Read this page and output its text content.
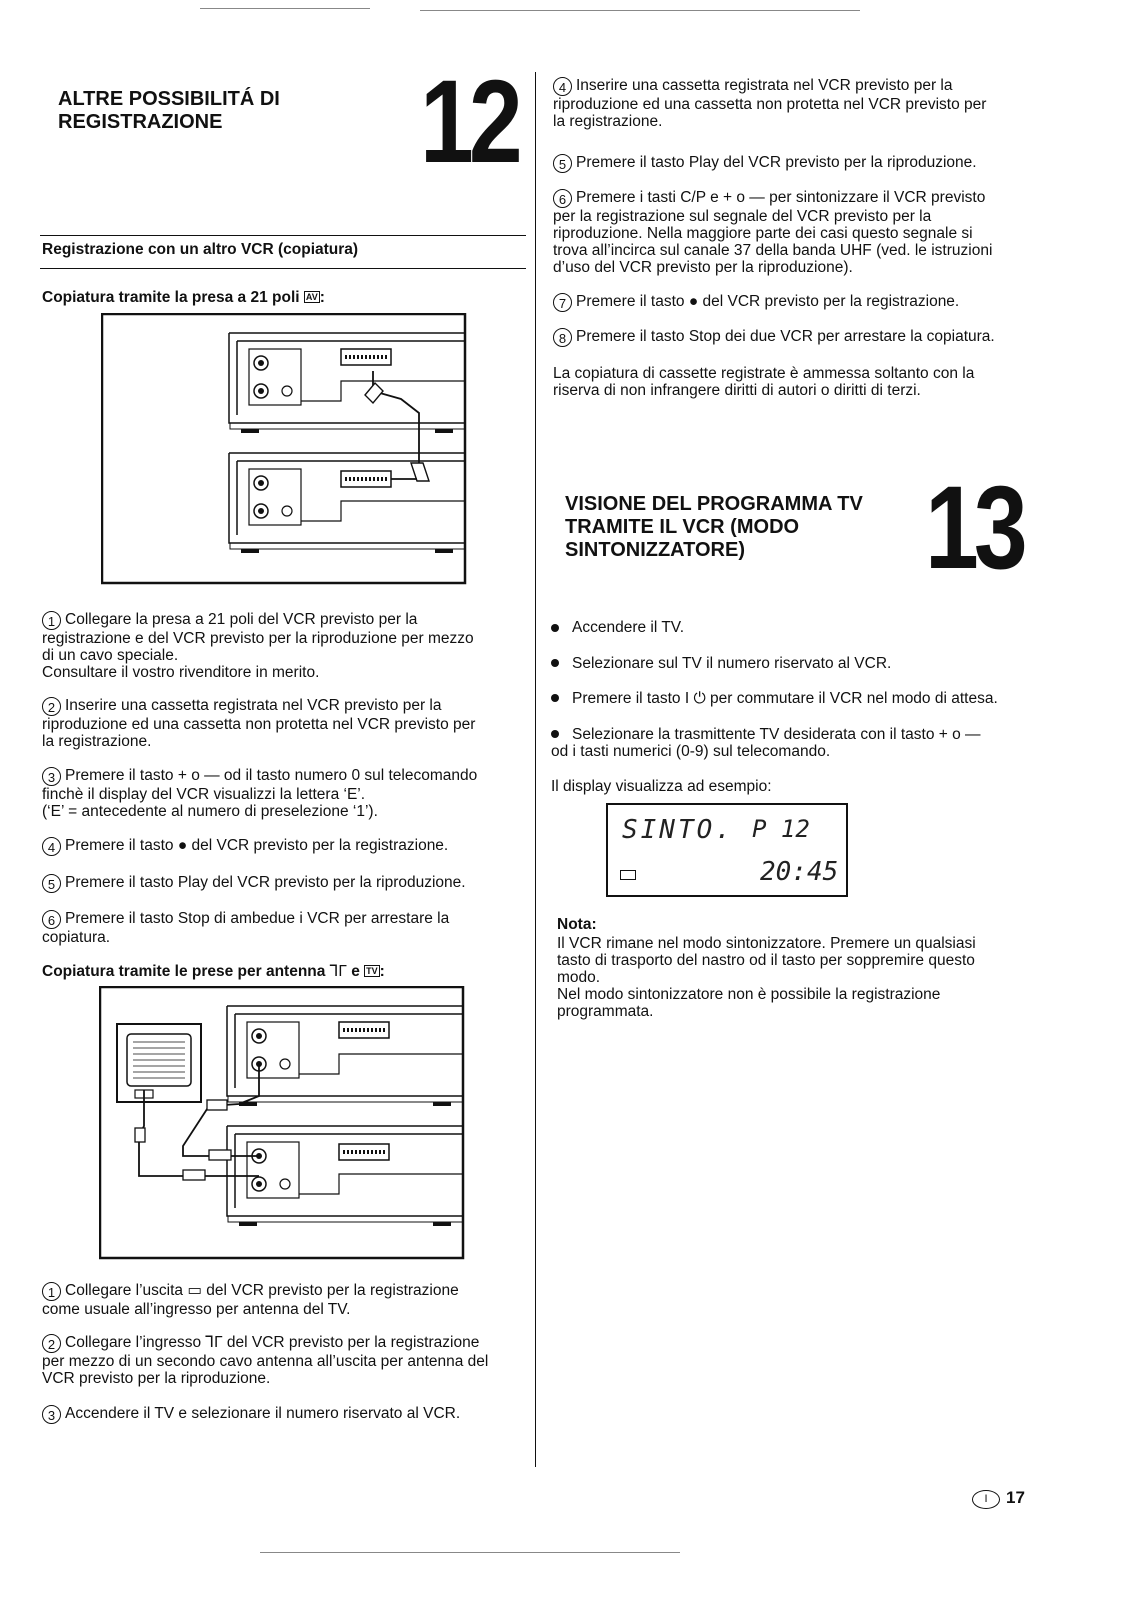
ALTRE POSSIBILITÁ DI
REGISTRAZIONE	12
Registrazione con un altro VCR (copiatura)
Copiatura tramite la presa a 21 poli AV :
1 Collegare la presa a 21 poli del VCR previsto per la
registrazione e del VCR previsto per la riproduzione per mezzo
di un cavo speciale.
Consultare il vostro rivenditore in merito.
2 Inserire una cassetta registrata nel VCR previsto per la
riproduzione ed una cassetta non protetta nel VCR previsto per
la registrazione.
3 Premere il tasto + o — od il tasto numero 0 sul telecomando
finchè il display del VCR visualizzi la lettera ‘E’.
(‘E’ = antecedente al numero di preselezione ‘1’).
4 Premere il tasto ● del VCR previsto per la registrazione.
5 Premere il tasto Play del VCR previsto per la riproduzione.
6 Premere il tasto Stop di ambedue i VCR per arrestare la
copiatura.
Copiatura tramite le prese per antenna ⅂Γ e TV :
1 Collegare l’uscita ▭ del VCR previsto per la registrazione
come usuale all’ingresso per antenna del TV.
2 Collegare l’ingresso ⅂Γ del VCR previsto per la registrazione
per mezzo di un secondo cavo antenna all’uscita per antenna del
VCR previsto per la riproduzione.
3 Accendere il TV e selezionare il numero riservato al VCR.
4 Inserire una cassetta registrata nel VCR previsto per la
riproduzione ed una cassetta non protetta nel VCR previsto per
la registrazione.
5 Premere il tasto Play del VCR previsto per la riproduzione.
6 Premere i tasti C/P e + o — per sintonizzare il VCR previsto
per la registrazione sul segnale del VCR previsto per la
riproduzione. Nella maggiore parte dei casi questo segnale si
trova all’incirca sul canale 37 della banda UHF (ved. le istruzioni
d’uso del VCR previsto per la riproduzione).
7 Premere il tasto ● del VCR previsto per la registrazione.
8 Premere il tasto Stop dei due VCR per arrestare la copiatura.
La copiatura di cassette registrate è ammessa soltanto con la
riserva di non infrangere diritti di autori o diritti di terzi.
VISIONE DEL PROGRAMMA TV
TRAMITE IL VCR (MODO
SINTONIZZATORE)	13
Accendere il TV.
Selezionare sul TV il numero riservato al VCR.
Premere il tasto I ⏻ per commutare il VCR nel modo di attesa.
Selezionare la trasmittente TV desiderata con il tasto + o —
od i tasti numerici (0-9) sul telecomando.
Il display visualizza ad esempio:
SINTO. P 12
20:45
Nota:
Il VCR rimane nel modo sintonizzatore. Premere un qualsiasi
tasto di trasporto del nastro od il tasto per soppremire questo
modo.
Nel modo sintonizzatore non è possibile la registrazione
programmata.
I	17
